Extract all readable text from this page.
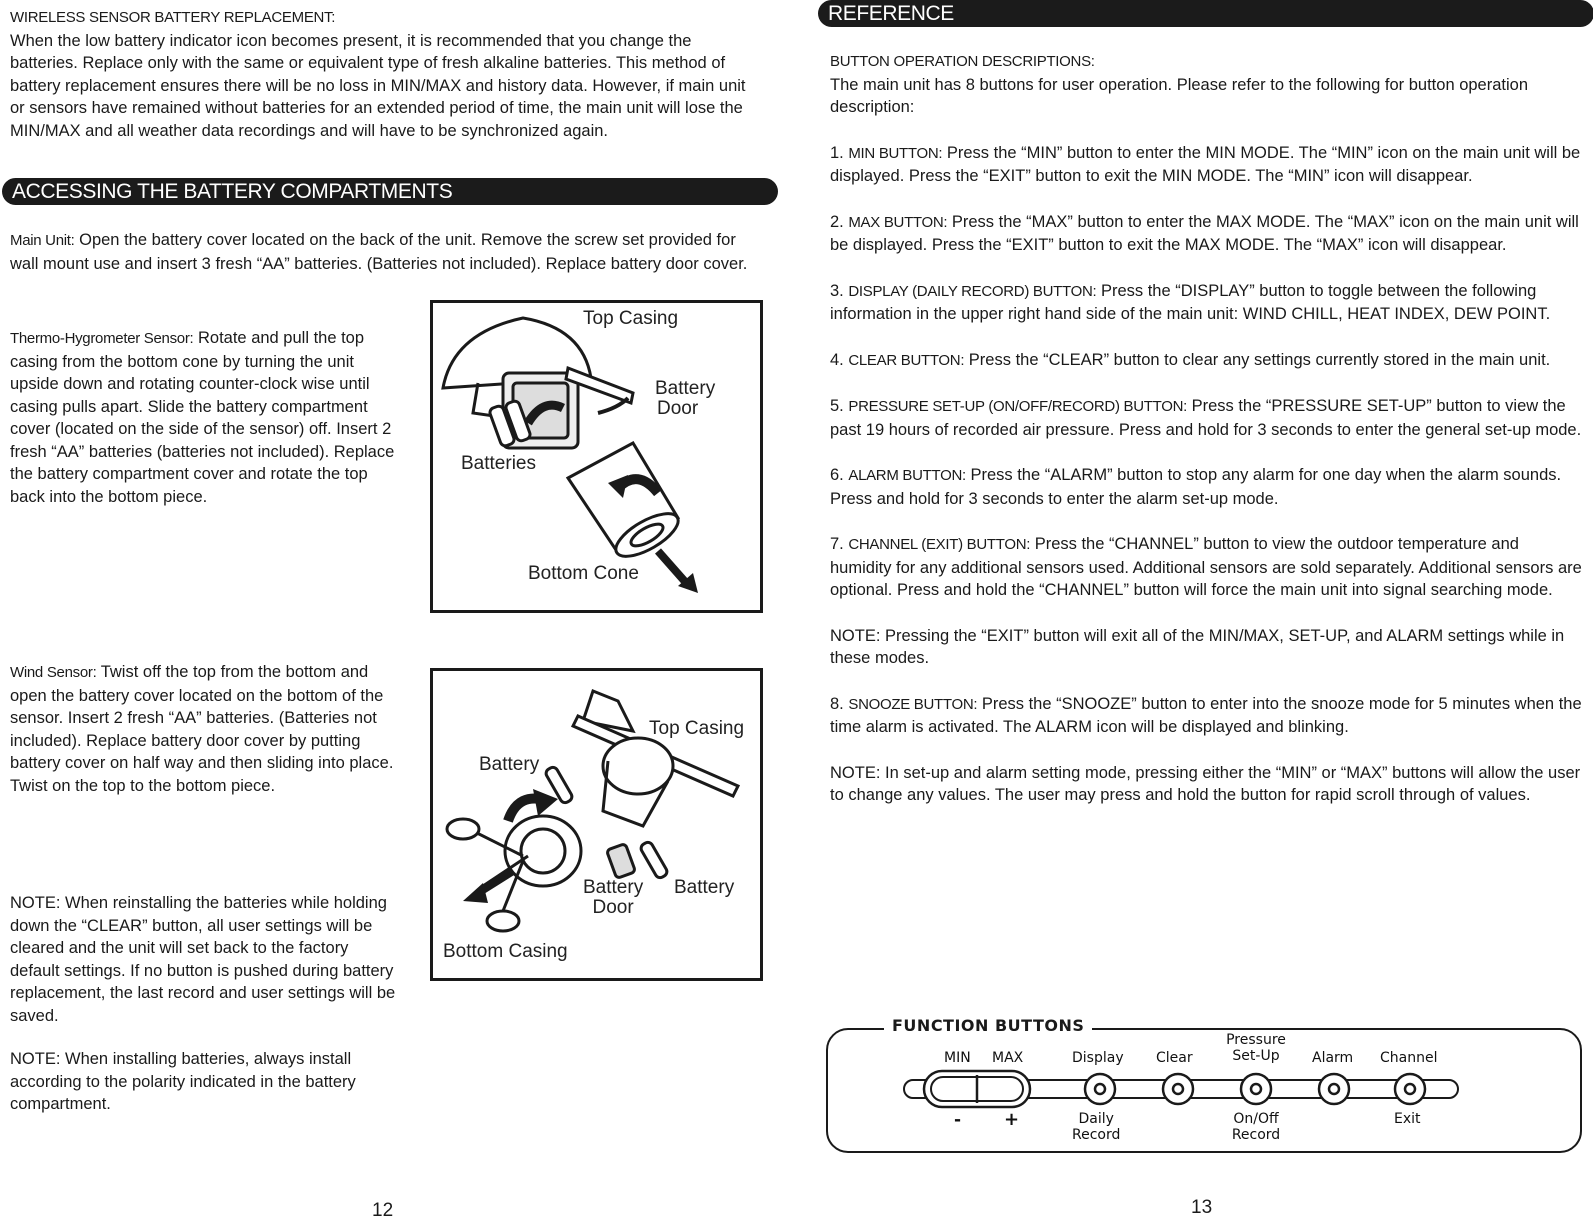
WIRELESS SENSOR BATTERY REPLACEMENT:

When the low battery indicator icon becomes present, it is recommended that you change the batteries. Replace only with the same or equivalent type of fresh alkaline batteries. This method of battery replacement ensures there will be no loss in MIN/MAX and history data. However, if main unit or sensors have remained without batteries for an extended period of time, the main unit will lose the MIN/MAX and all weather data recordings and will have to be synchronized again.

ACCESSING THE BATTERY COMPARTMENTS

Main Unit: Open the battery cover located on the back of the unit. Remove the screw set provided for wall mount use and insert 3 fresh “AA” batteries. (Batteries not included). Replace battery door cover.

Thermo-Hygrometer Sensor: Rotate and pull the top casing from the bottom cone by turning the unit upside down and rotating counter-clock wise until casing pulls apart. Slide the battery compartment cover (located on the side of the sensor) off. Insert 2 fresh “AA” batteries (batteries not included). Replace the battery compartment cover and rotate the top back into the bottom piece.

Top Casing
Battery
Door
Batteries
Bottom Cone

Wind Sensor: Twist off the top from the bottom and open the battery cover located on the bottom of the sensor. Insert 2 fresh “AA” batteries. (Batteries not included). Replace battery door cover by putting battery cover on half way and then sliding into place. Twist on the top to the bottom piece.

Top Casing
Battery
Battery
Door
Battery
Bottom Casing

NOTE: When reinstalling the batteries while holding down the “CLEAR” button, all user settings will be cleared and the unit will set back to the factory default settings. If no button is pushed during battery replacement, the last record and user settings will be saved.

NOTE: When installing batteries, always install according to the polarity indicated in the battery compartment.

12
REFERENCE

BUTTON OPERATION DESCRIPTIONS:

The main unit has 8 buttons for user operation. Please refer to the following for button operation description:

1. MIN BUTTON: Press the “MIN” button to enter the MIN MODE. The “MIN” icon on the main unit will be displayed. Press the “EXIT” button to exit the MIN MODE. The “MIN” icon will disappear.

2. MAX BUTTON: Press the “MAX” button to enter the MAX MODE. The “MAX” icon on the main unit will be displayed. Press the “EXIT” button to exit the MAX MODE. The “MAX” icon will disappear.

3. DISPLAY (DAILY RECORD) BUTTON: Press the “DISPLAY” button to toggle between the following information in the upper right hand side of the main unit: WIND CHILL, HEAT INDEX, DEW POINT.

4. CLEAR BUTTON: Press the “CLEAR” button to clear any settings currently stored in the main unit.

5. PRESSURE SET-UP (ON/OFF/RECORD) BUTTON: Press the “PRESSURE SET-UP” button to view the past 19 hours of recorded air pressure. Press and hold for 3 seconds to enter the general set-up mode.

6. ALARM BUTTON: Press the “ALARM” button to stop any alarm for one day when the alarm sounds. Press and hold for 3 seconds to enter the alarm set-up mode.

7. CHANNEL (EXIT) BUTTON: Press the “CHANNEL” button to view the outdoor temperature and humidity for any additional sensors used. Additional sensors are sold separately. Additional sensors are optional. Press and hold the “CHANNEL” button will force the main unit into signal searching mode.

NOTE: Pressing the “EXIT” button will exit all of the MIN/MAX, SET-UP, and ALARM settings while in these modes.

8. SNOOZE BUTTON: Press the “SNOOZE” button to enter into the snooze mode for 5 minutes when the time alarm is activated. The ALARM icon will be displayed and blinking.

NOTE: In set-up and alarm setting mode, pressing either the “MIN” or “MAX” buttons will allow the user to change any values. The user may press and hold the button for rapid scroll through of values.

FUNCTION BUTTONS
MIN MAX
- +
Display
Daily
Record
Clear
Pressure
Set-Up
On/Off
Record
Alarm Channel
Exit
13
